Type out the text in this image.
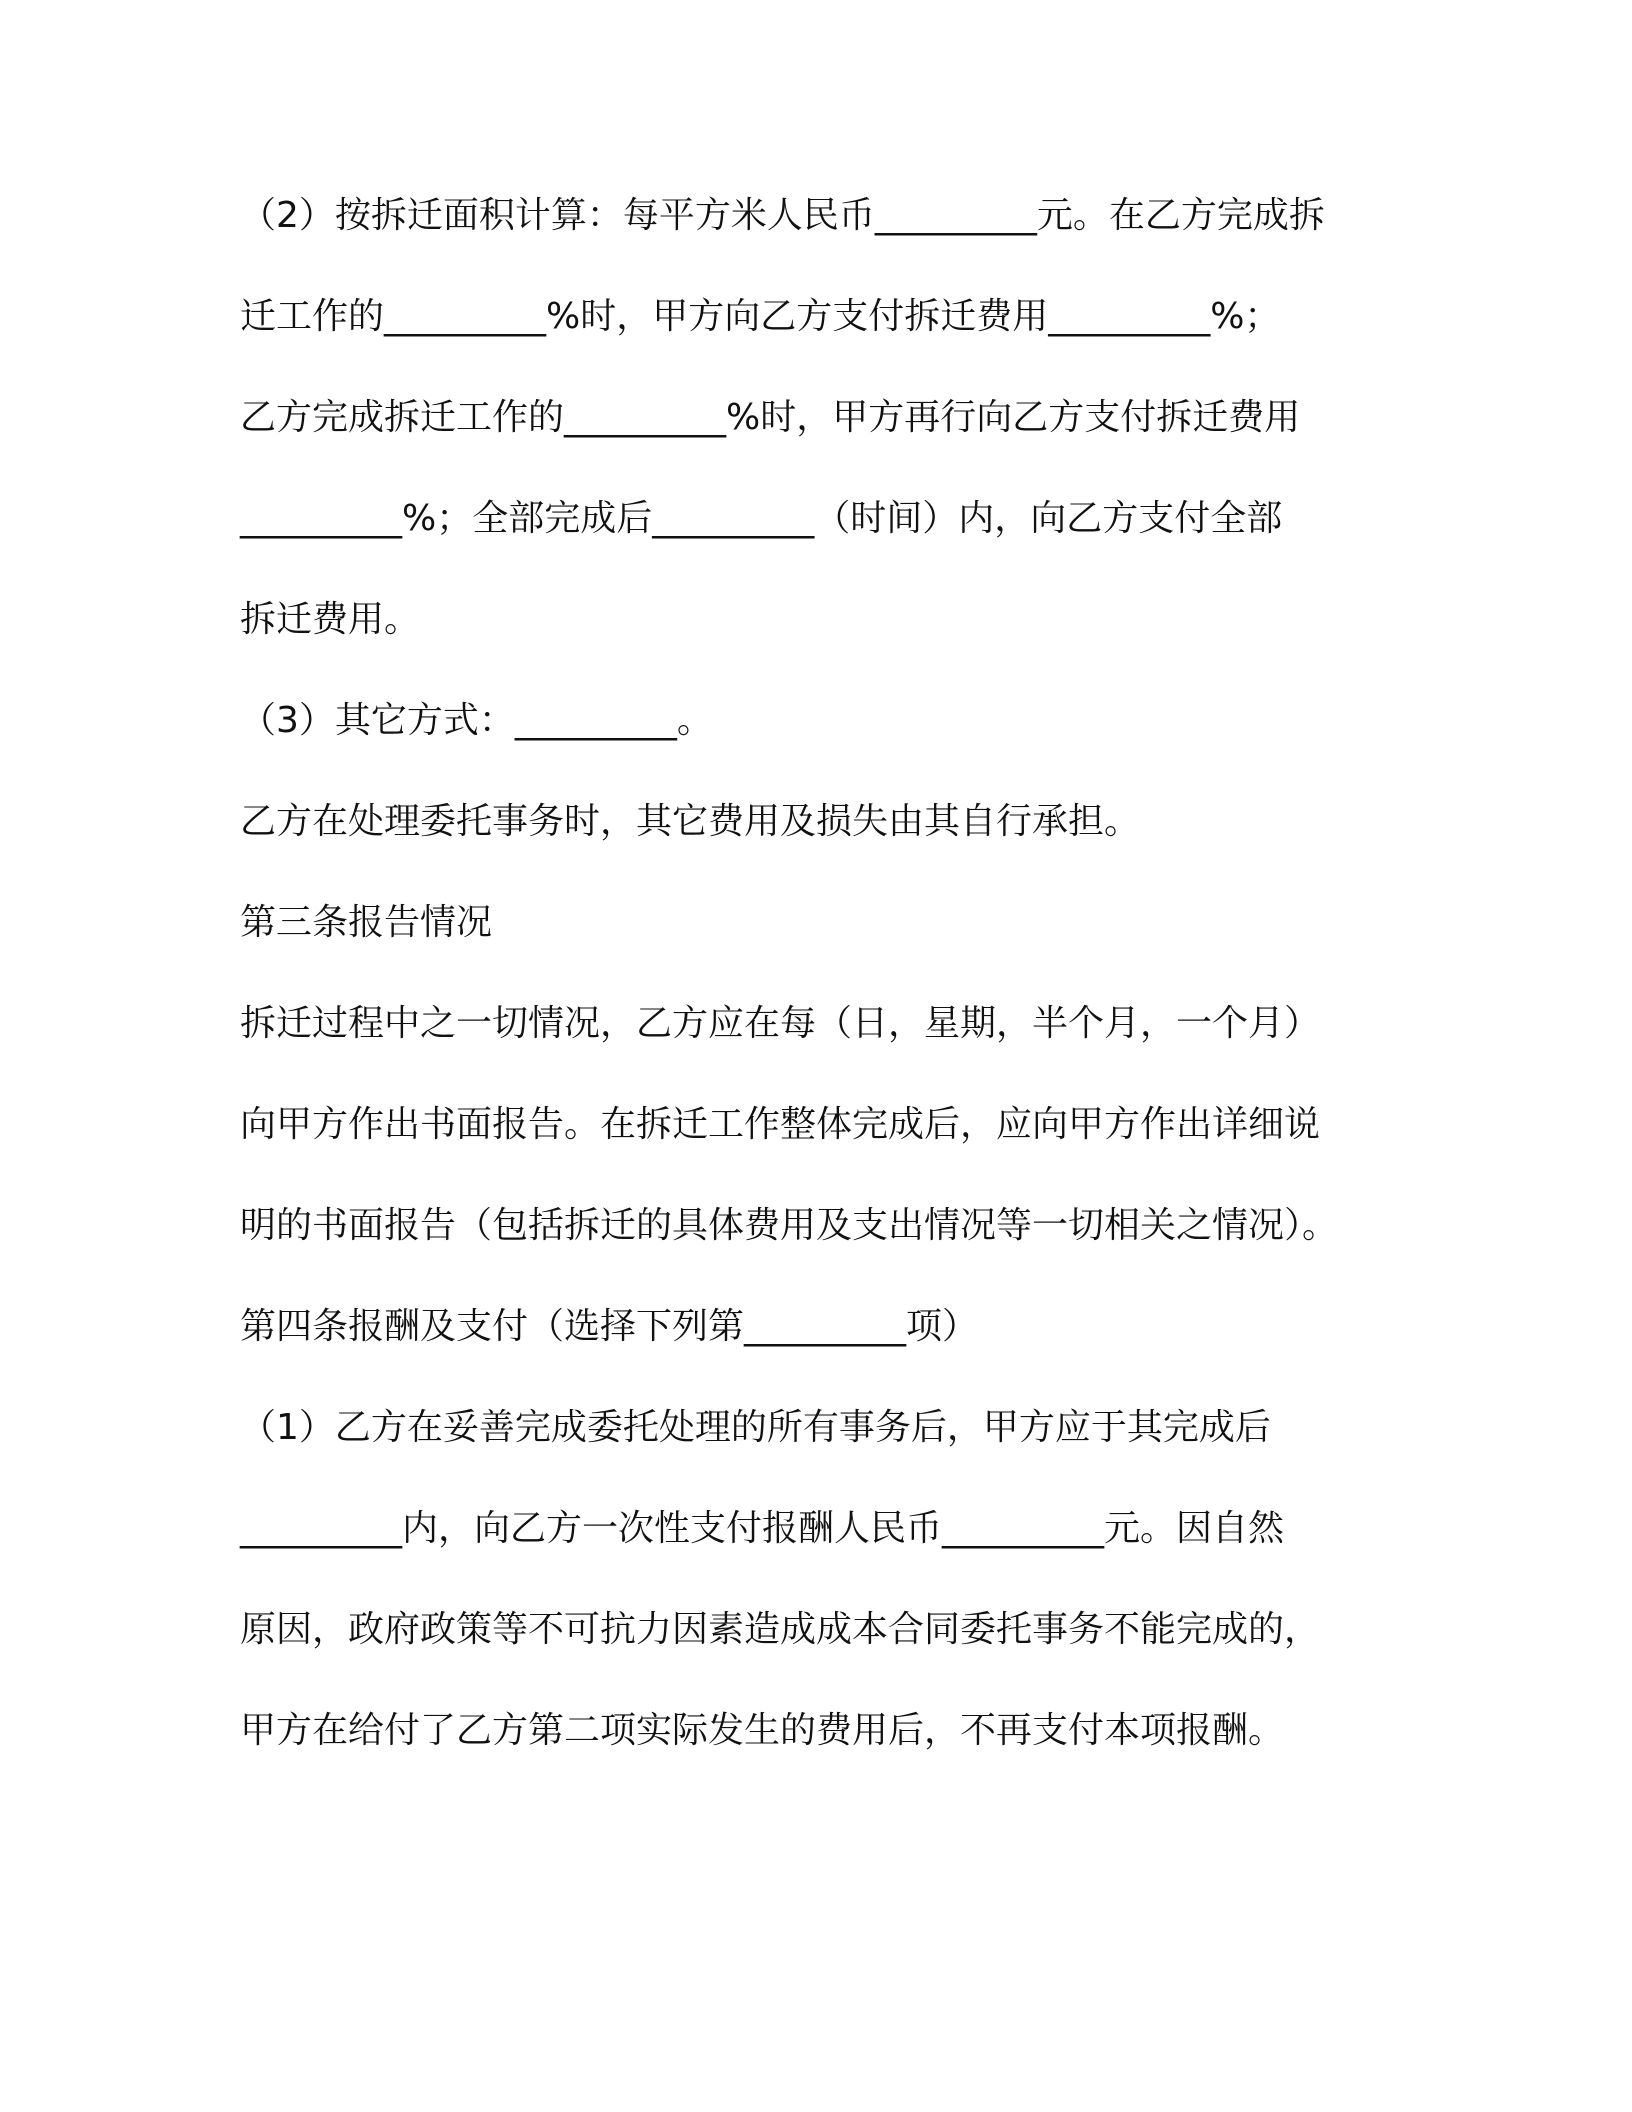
（2）按拆迁面积计算：每平方米人民币_________元。在乙方完成拆
迁工作的_________%时，甲方向乙方支付拆迁费用_________%；
乙方完成拆迁工作的_________%时，甲方再行向乙方支付拆迁费用
_________%；全部完成后_________（时间）内，向乙方支付全部
拆迁费用。
（3）其它方式：_________。
乙方在处理委托事务时，其它费用及损失由其自行承担。
第三条报告情况
拆迁过程中之一切情况，乙方应在每（日，星期，半个月，一个月）
向甲方作出书面报告。在拆迁工作整体完成后，应向甲方作出详细说
明的书面报告（包括拆迁的具体费用及支出情况等一切相关之情况）。
第四条报酬及支付（选择下列第_________项）
（1）乙方在妥善完成委托处理的所有事务后，甲方应于其完成后
_________内，向乙方一次性支付报酬人民币_________元。因自然
原因，政府政策等不可抗力因素造成成本合同委托事务不能完成的，
甲方在给付了乙方第二项实际发生的费用后，不再支付本项报酬。
